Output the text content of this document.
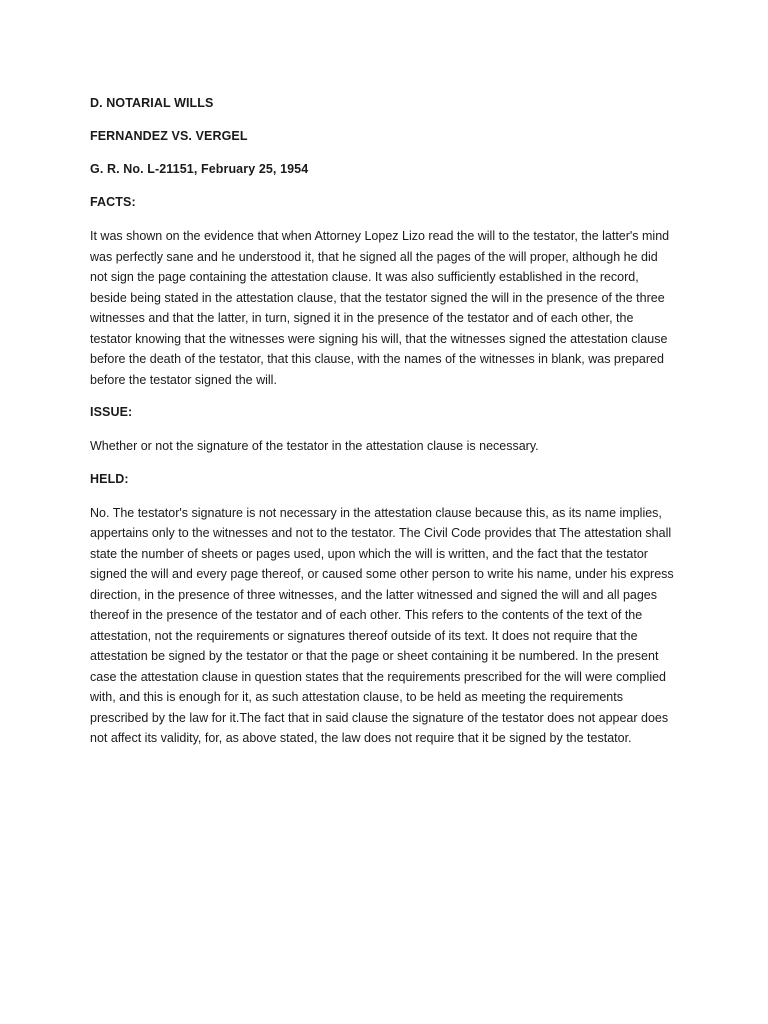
D. NOTARIAL WILLS
FERNANDEZ VS. VERGEL
G. R. No. L-21151, February 25, 1954
FACTS:

It was shown on the evidence that when Attorney Lopez Lizo read the will to the testator, the latter's mind was perfectly sane and he understood it, that he signed all the pages of the will proper, although he did not sign the page containing the attestation clause. It was also sufficiently established in the record, beside being stated in the attestation clause, that the testator signed the will in the presence of the three witnesses and that the latter, in turn, signed it in the presence of the testator and of each other, the testator knowing that the witnesses were signing his will, that the witnesses signed the attestation clause before the death of the testator, that this clause, with the names of the witnesses in blank, was prepared before the testator signed the will.

ISSUE:

Whether or not the signature of the testator in the attestation clause is necessary.

HELD:

No. The testator's signature is not necessary in the attestation clause because this, as its name implies, appertains only to the witnesses and not to the testator. The Civil Code provides that The attestation shall state the number of sheets or pages used, upon which the will is written, and the fact that the testator signed the will and every page thereof, or caused some other person to write his name, under his express direction, in the presence of three witnesses, and the latter witnessed and signed the will and all pages thereof in the presence of the testator and of each other. This refers to the contents of the text of the attestation, not the requirements or signatures thereof outside of its text. It does not require that the attestation be signed by the testator or that the page or sheet containing it be numbered. In the present case the attestation clause in question states that the requirements prescribed for the will were complied with, and this is enough for it, as such attestation clause, to be held as meeting the requirements prescribed by the law for it.The fact that in said clause the signature of the testator does not appear does not affect its validity, for, as above stated, the law does not require that it be signed by the testator.
